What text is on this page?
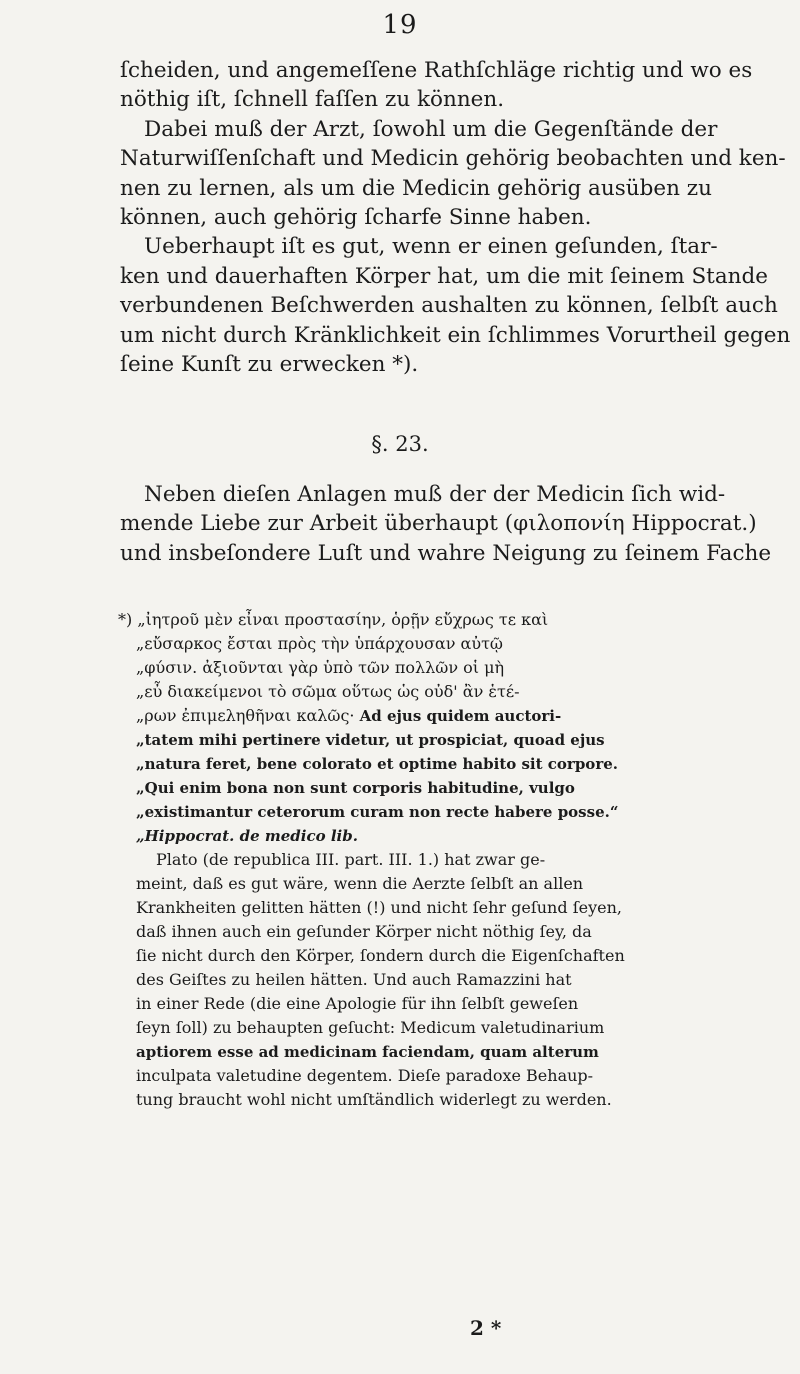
19
ſcheiden, und angemeſſene Rathſchläge richtig und wo es
nöthig iſt, ſchnell faſſen zu können.
Dabei muß der Arzt, ſowohl um die Gegenſtände der
Naturwiſſenſchaft und Medicin gehörig beobachten und ken-
nen zu lernen, als um die Medicin gehörig ausüben zu
können, auch gehörig ſcharfe Sinne haben.
Ueberhaupt iſt es gut, wenn er einen geſunden, ſtar-
ken und dauerhaften Körper hat, um die mit ſeinem Stande
verbundenen Beſchwerden aushalten zu können, ſelbſt auch
um nicht durch Kränklichkeit ein ſchlimmes Vorurtheil gegen
ſeine Kunſt zu erwecken *).
§. 23.
Neben dieſen Anlagen muß der der Medicin ſich wid-
mende Liebe zur Arbeit überhaupt (φιλοπονίη Hippocrat.)
und insbeſondere Luſt und wahre Neigung zu ſeinem Fache
*) „ἰητροῦ μὲν εἶναι προστασίην, ὁρῇν εὔχρως τε καὶ
„εὔσαρκος ἔσται πρὸς τὴν ὑπάρχουσαν αὐτῷ
„φύσιν. ἀξιοῦνται γὰρ ὑπὸ τῶν πολλῶν οἱ μὴ
„εὖ διακείμενοι τὸ σῶμα οὕτως ὡς οὐδ' ἂν ἑτέ-
„ρων ἐπιμεληθῆναι καλῶς· Ad ejus quidem auctori-
„tatem mihi pertinere videtur, ut prospiciat, quoad ejus
„natura feret, bene colorato et optime habito sit corpore.
„Qui enim bona non sunt corporis habitudine, vulgo
„existimantur ceterorum curam non recte habere posse.“
„Hippocrat. de medico lib.
Plato (de republica III. part. III. 1.) hat zwar ge-
meint, daß es gut wäre, wenn die Aerzte ſelbſt an allen
Krankheiten gelitten hätten (!) und nicht ſehr geſund ſeyen,
daß ihnen auch ein geſunder Körper nicht nöthig ſey, da
ſie nicht durch den Körper, ſondern durch die Eigenſchaften
des Geiſtes zu heilen hätten. Und auch Ramazzini hat
in einer Rede (die eine Apologie für ihn ſelbſt geweſen
ſeyn ſoll) zu behaupten geſucht: Medicum valetudinarium
aptiorem esse ad medicinam faciendam, quam alterum
inculpata valetudine degentem. Dieſe paradoxe Behaup-
tung braucht wohl nicht umſtändlich widerlegt zu werden.
2 *
